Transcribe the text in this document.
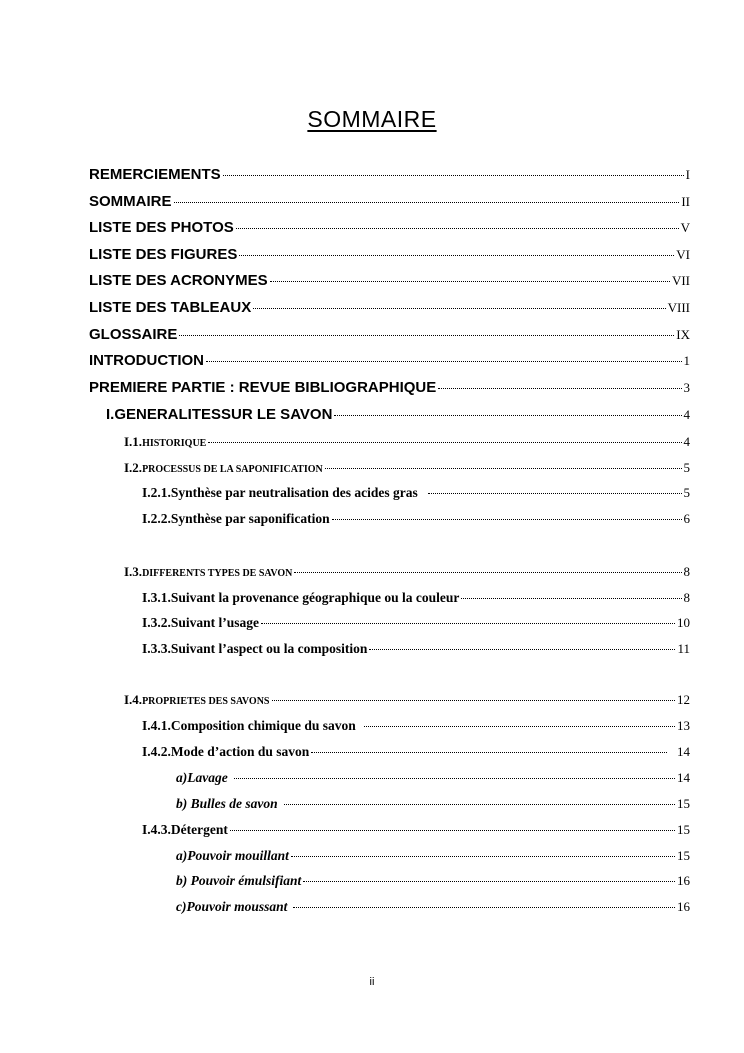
SOMMAIRE
REMERCIEMENTS	I
SOMMAIRE	II
LISTE DES PHOTOS	V
LISTE DES FIGURES	VI
LISTE DES ACRONYMES	VII
LISTE DES TABLEAUX	VIII
GLOSSAIRE	IX
INTRODUCTION	1
PREMIERE PARTIE : REVUE BIBLIOGRAPHIQUE	3
I.GENERALITESSUR LE SAVON	4
I.1.HISTORIQUE	4
I.2.PROCESSUS DE LA SAPONIFICATION	5
I.2.1.Synthèse par neutralisation des acides gras	5
I.2.2.Synthèse par saponification	6
I.3.DIFFERENTS TYPES DE SAVON	8
I.3.1.Suivant la provenance géographique ou la couleur	8
I.3.2.Suivant l’usage	10
I.3.3.Suivant l’aspect ou la composition	11
I.4.PROPRIETES DES SAVONS	12
I.4.1.Composition chimique du savon	13
I.4.2.Mode d’action du savon	14
a)Lavage	14
b) Bulles de savon	15
I.4.3.Détergent	15
a)Pouvoir mouillant	15
b) Pouvoir émulsifiant	16
c)Pouvoir moussant	16
ii
